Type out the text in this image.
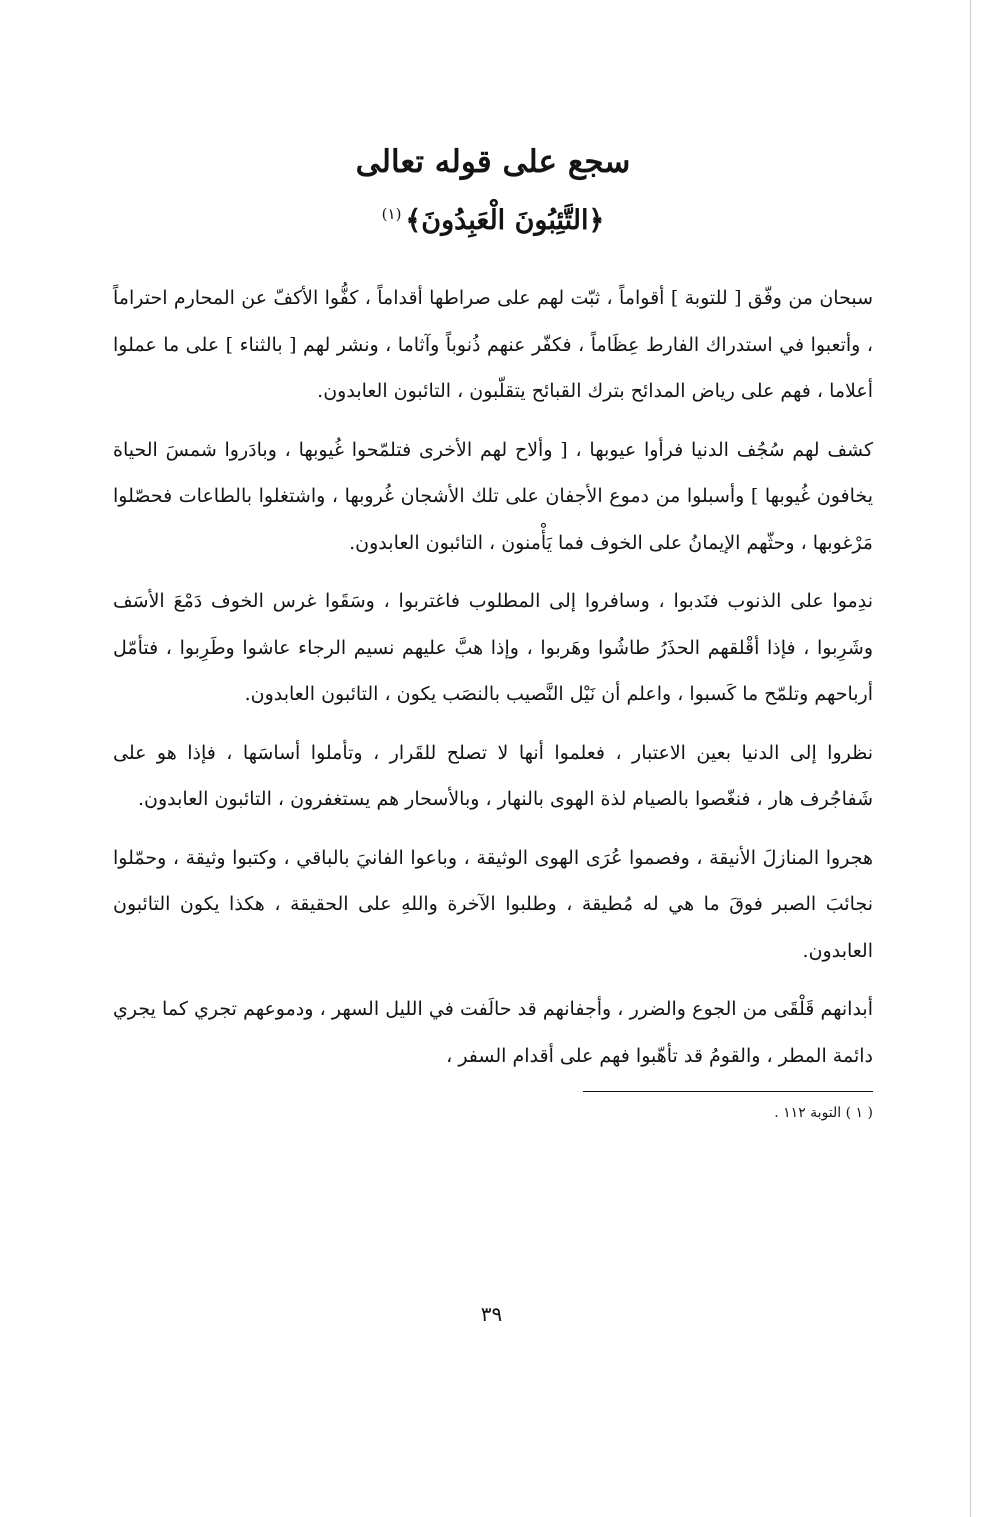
سجع على قوله تعالى
﴿التَّئِبُونَ الْعَبِدُونَ﴾$^{(١)}$

سبحان من وفّق [ للتوبة ] أقواماً ، ثبّت لهم على صراطها أقداماً ، كفُّوا الأكفّ عن المحارم احتراماً ، وأتعبوا في استدراك الفارط عِظَاماً ، فكفّر عنهم ذُنوباً وآثاما ، ونشر لهم [ بالثناء ] على ما عملوا أعلاما ، فهم على رياض المدائح بترك القبائح يتقلّبون ، التائبون العابدون.

كشف لهم سُجُف الدنيا فرأوا عيوبها ، [ وألاح لهم الأخرى فتلمّحوا غُيوبها ، وبادَروا شمسَ الحياة يخافون غُيوبها ] وأسبلوا من دموع الأجفان على تلك الأشجان غُروبها ، واشتغلوا بالطاعات فحصّلوا مَرْغوبها ، وحثّهم الإيمانُ على الخوف فما يَأْمنون ، التائبون العابدون.

ندِموا على الذنوب فنَدبوا ، وسافروا إلى المطلوب فاغتربوا ، وسَقَوا غرس الخوف دَمْعَ الأسَف وشَرِبوا ، فإذا أقْلقهم الحذَرُ طاشُوا وهَربوا ، وإذا هبَّ عليهم نسيم الرجاء عاشوا وطَرِبوا ، فتأمّل أرباحهم وتلمّح ما كَسبوا ، واعلم أن نَيْل النَّصيب بالنصَب يكون ، التائبون العابدون.

نظروا إلى الدنيا بعين الاعتبار ، فعلموا أنها لا تصلح للقَرار ، وتأملوا أساسَها ، فإذا هو على شَفاجُرف هار ، فنغّصوا بالصيام لذة الهوى بالنهار ، وبالأسحار هم يستغفرون ، التائبون العابدون.

هجروا المنازلَ الأنيقة ، وفصموا عُرَى الهوى الوثيقة ، وباعوا الفانيَ بالباقي ، وكتبوا وثيقة ، وحمّلوا نجائبَ الصبر فوقَ ما هي له مُطيقة ، وطلبوا الآخرة واللهِ على الحقيقة ، هكذا يكون التائبون العابدون.

أبدانهم قَلْقَى من الجوع والضرر ، وأجفانهم قد حالَفت في الليل السهر ، ودموعهم تجري كما يجري دائمة المطر ، والقومُ قد تأهّبوا فهم على أقدام السفر ،

( ١ ) التوبة ١١٢ .

٣٩
